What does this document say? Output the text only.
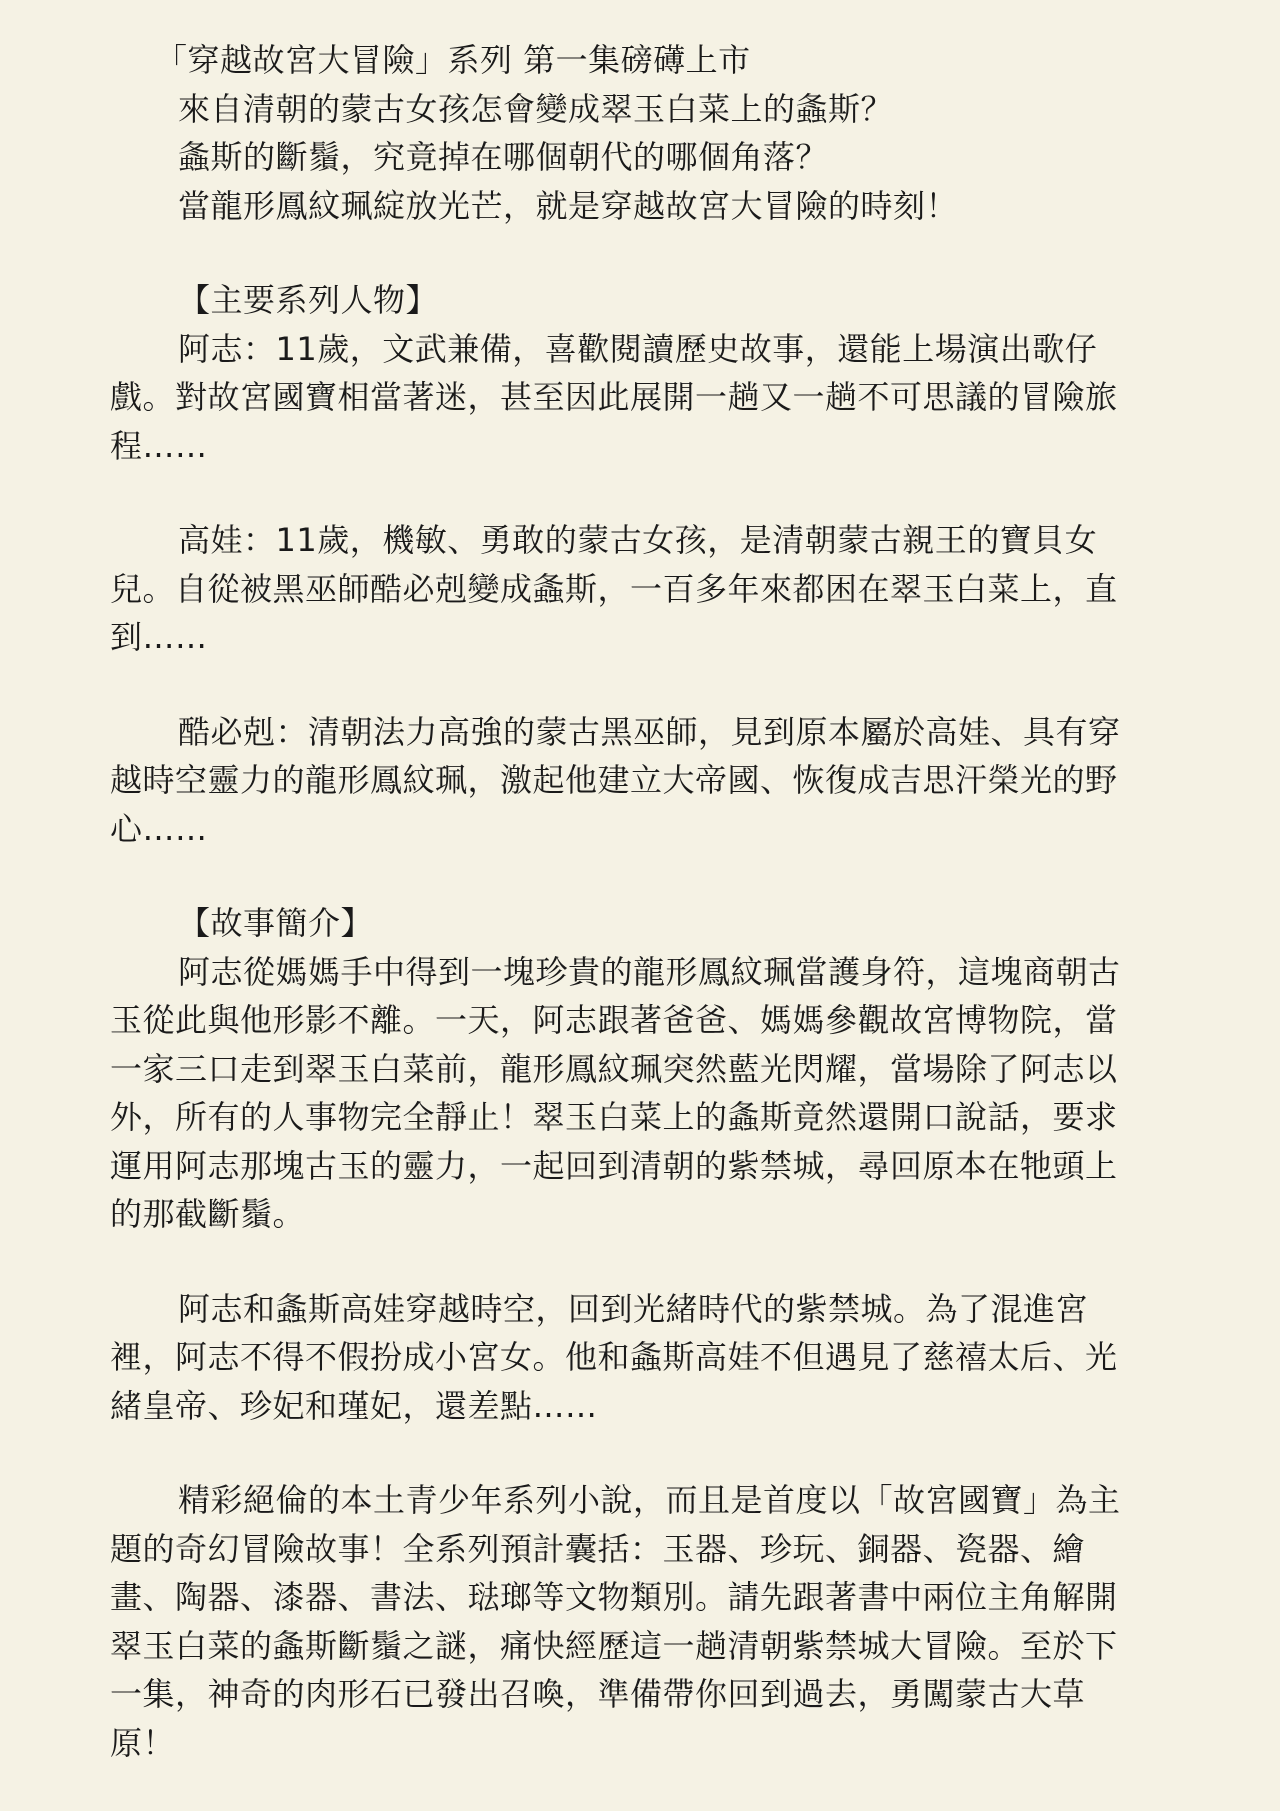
「穿越故宮大冒險」系列 第一集磅礡上市
來自清朝的蒙古女孩怎會變成翠玉白菜上的螽斯？
螽斯的斷鬚，究竟掉在哪個朝代的哪個角落？
當龍形鳳紋珮綻放光芒，就是穿越故宮大冒險的時刻！
【主要系列人物】
阿志：11歲，文武兼備，喜歡閱讀歷史故事，還能上場演出歌仔
戲。對故宮國寶相當著迷，甚至因此展開一趟又一趟不可思議的冒險旅
程……
高娃：11歲，機敏、勇敢的蒙古女孩，是清朝蒙古親王的寶貝女
兒。自從被黑巫師酷必剋變成螽斯，一百多年來都困在翠玉白菜上，直
到……
酷必剋：清朝法力高強的蒙古黑巫師，見到原本屬於高娃、具有穿
越時空靈力的龍形鳳紋珮，激起他建立大帝國、恢復成吉思汗榮光的野
心……
【故事簡介】
阿志從媽媽手中得到一塊珍貴的龍形鳳紋珮當護身符，這塊商朝古
玉從此與他形影不離。一天，阿志跟著爸爸、媽媽參觀故宮博物院，當
一家三口走到翠玉白菜前，龍形鳳紋珮突然藍光閃耀，當場除了阿志以
外，所有的人事物完全靜止！翠玉白菜上的螽斯竟然還開口說話，要求
運用阿志那塊古玉的靈力，一起回到清朝的紫禁城，尋回原本在牠頭上
的那截斷鬚。
阿志和螽斯高娃穿越時空，回到光緒時代的紫禁城。為了混進宮
裡，阿志不得不假扮成小宮女。他和螽斯高娃不但遇見了慈禧太后、光
緒皇帝、珍妃和瑾妃，還差點……
精彩絕倫的本土青少年系列小說，而且是首度以「故宮國寶」為主
題的奇幻冒險故事！全系列預計囊括：玉器、珍玩、銅器、瓷器、繪
畫、陶器、漆器、書法、琺瑯等文物類別。請先跟著書中兩位主角解開
翠玉白菜的螽斯斷鬚之謎，痛快經歷這一趟清朝紫禁城大冒險。至於下
一集，神奇的肉形石已發出召喚，準備帶你回到過去，勇闖蒙古大草
原！
